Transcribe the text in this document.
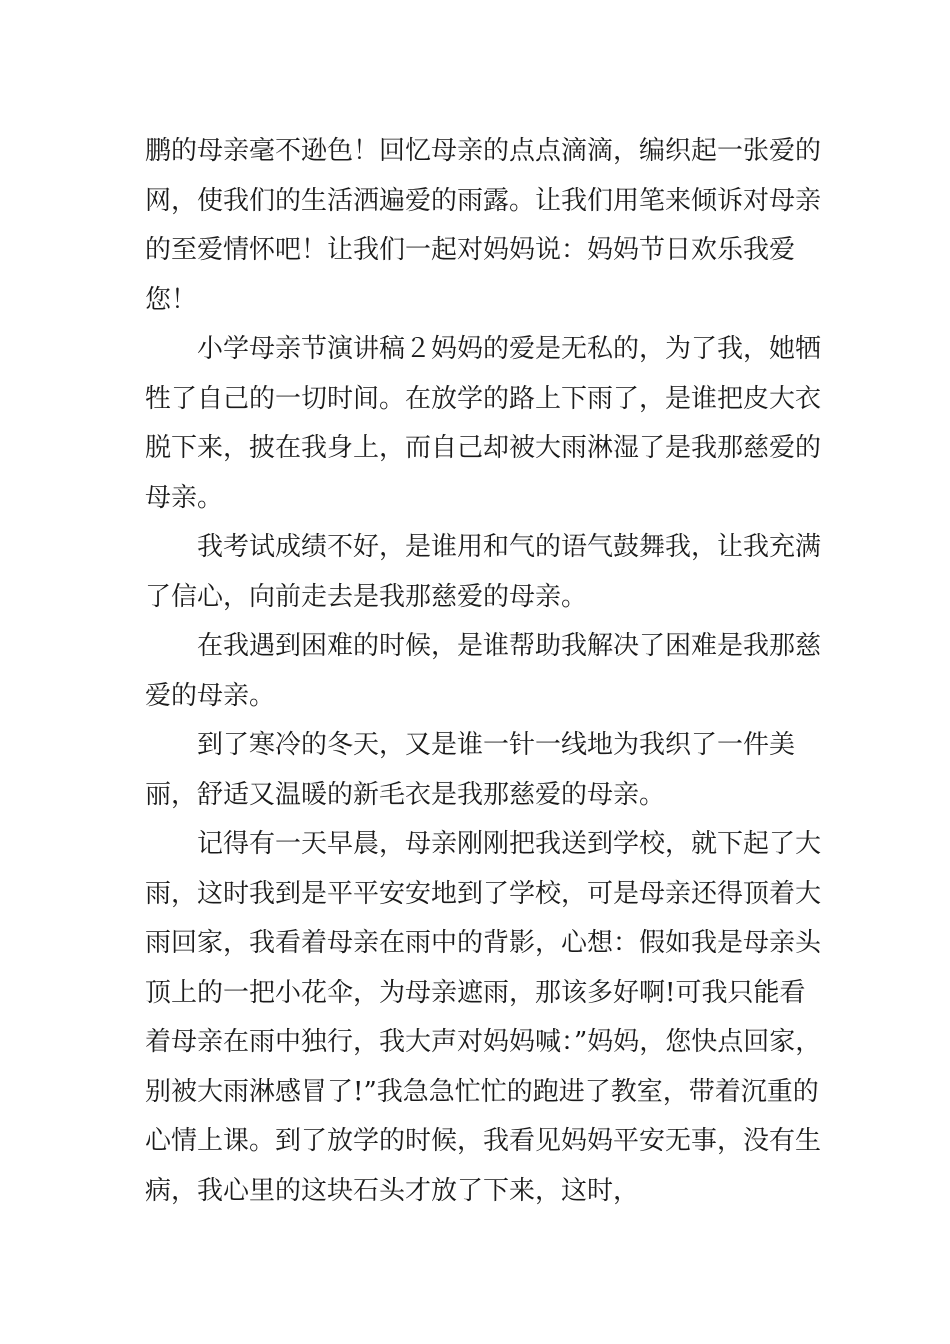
鹏的母亲毫不逊色！回忆母亲的点点滴滴，编织起一张爱的网，使我们的生活洒遍爱的雨露。让我们用笔来倾诉对母亲的至爱情怀吧！让我们一起对妈妈说：妈妈节日欢乐我爱您！

小学母亲节演讲稿２妈妈的爱是无私的，为了我，她牺牲了自己的一切时间。在放学的路上下雨了，是谁把皮大衣脱下来，披在我身上，而自己却被大雨淋湿了是我那慈爱的母亲。

我考试成绩不好，是谁用和气的语气鼓舞我，让我充满了信心，向前走去是我那慈爱的母亲。

在我遇到困难的时候，是谁帮助我解决了困难是我那慈爱的母亲。

到了寒冷的冬天，又是谁一针一线地为我织了一件美丽，舒适又温暖的新毛衣是我那慈爱的母亲。

记得有一天早晨，母亲刚刚把我送到学校，就下起了大雨，这时我到是平平安安地到了学校，可是母亲还得顶着大雨回家，我看着母亲在雨中的背影，心想：假如我是母亲头顶上的一把小花伞，为母亲遮雨，那该多好啊!可我只能看着母亲在雨中独行，我大声对妈妈喊：”妈妈，您快点回家，别被大雨淋感冒了!”我急急忙忙的跑进了教室，带着沉重的心情上课。到了放学的时候，我看见妈妈平安无事，没有生病，我心里的这块石头才放了下来，这时，
